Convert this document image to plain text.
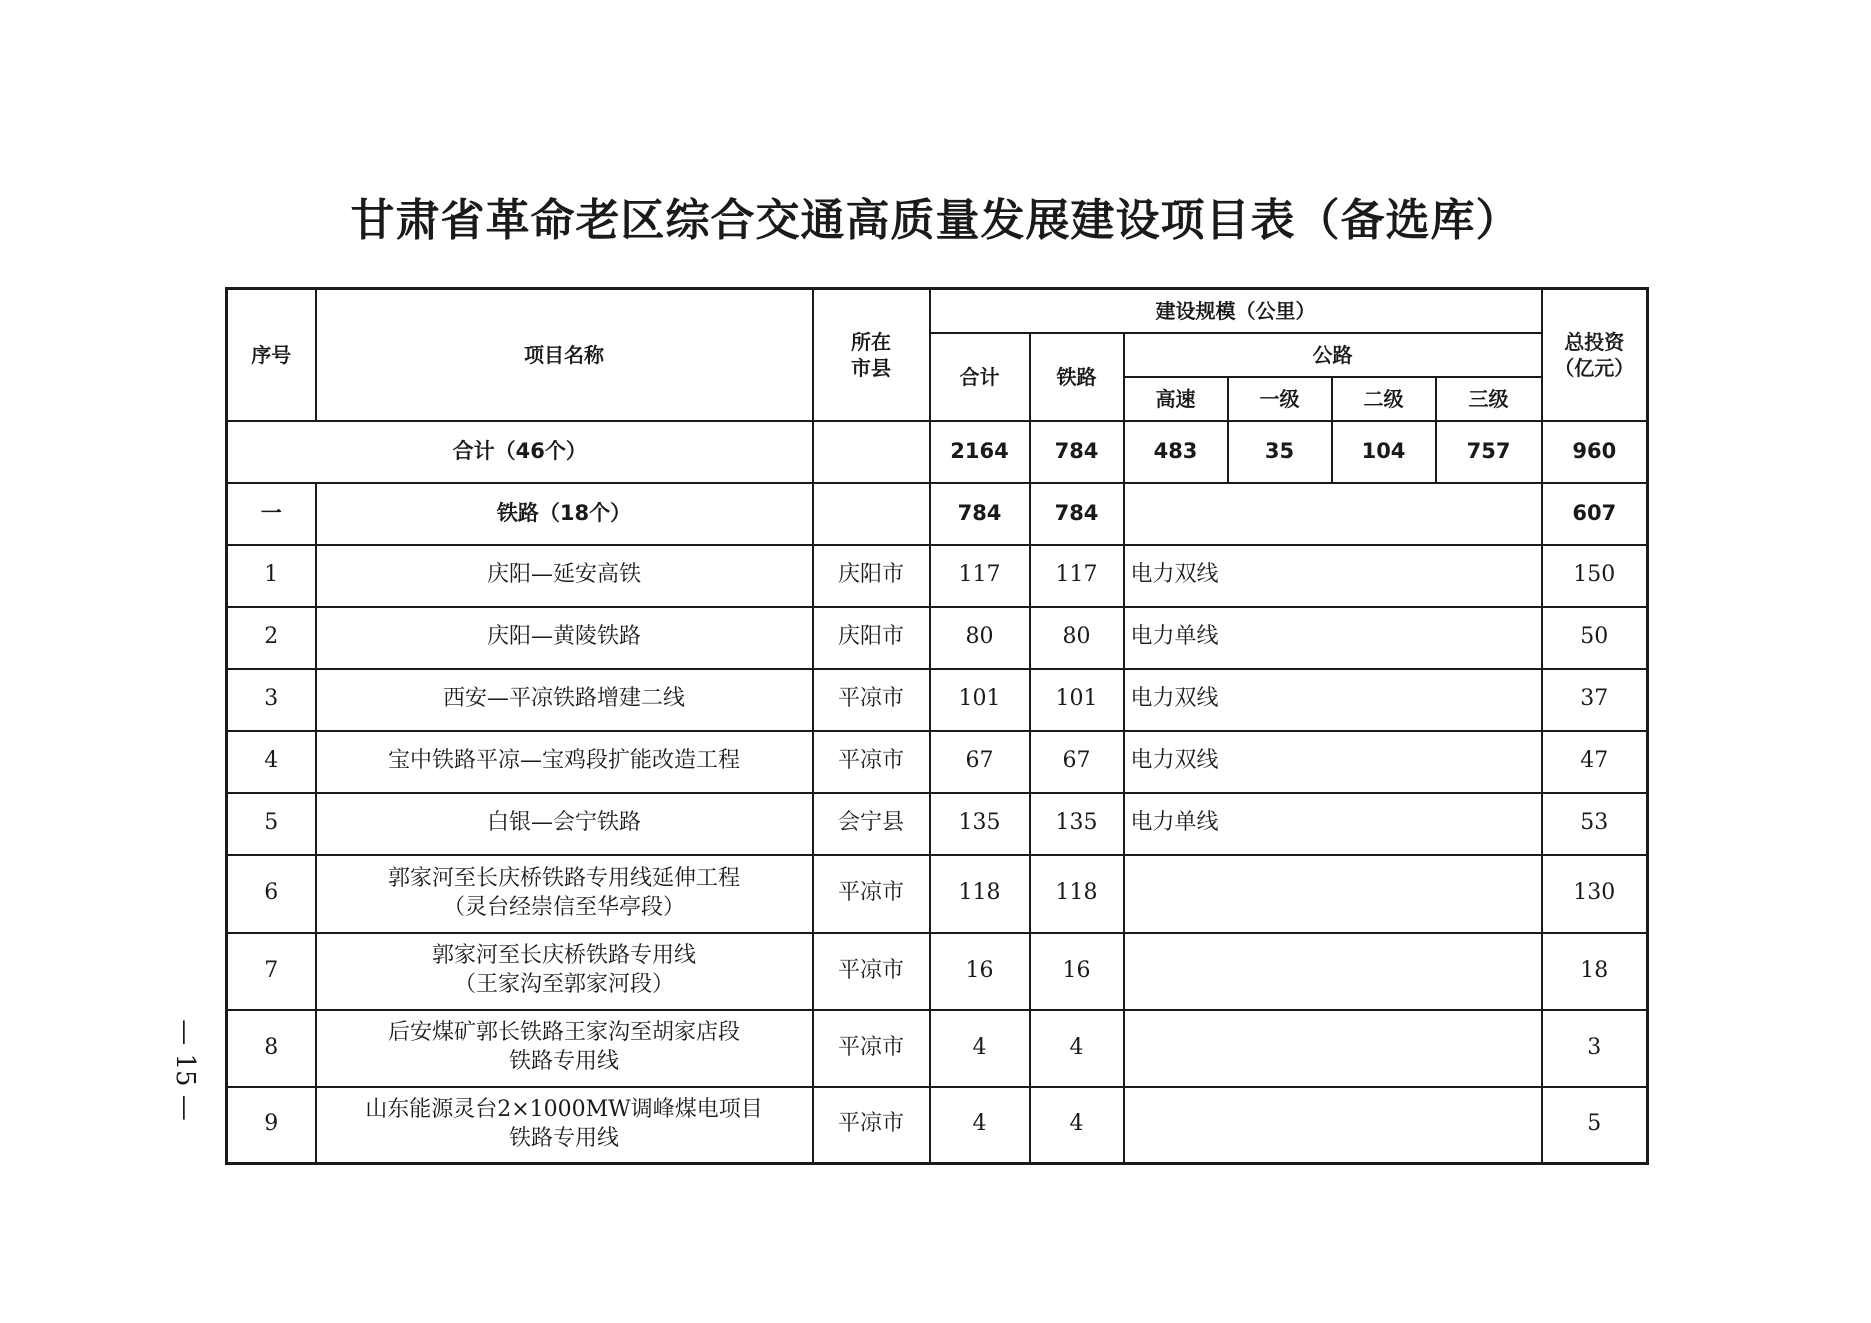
甘肃省革命老区综合交通高质量发展建设项目表（备选库）
序号	项目名称	所在市县	建设规模（公里）						总投资（亿元）
			合计	铁路	公路				
					高速	一级	二级	三级	
合计（46个）			2164	784	483	35	104	757	960
一	铁路（18个）		784	784					607
1	庆阳—延安高铁	庆阳市	117	117	电力双线				150
2	庆阳—黄陵铁路	庆阳市	80	80	电力单线				50
3	西安—平凉铁路增建二线	平凉市	101	101	电力双线				37
4	宝中铁路平凉—宝鸡段扩能改造工程	平凉市	67	67	电力双线				47
5	白银—会宁铁路	会宁县	135	135	电力单线				53
6	郭家河至长庆桥铁路专用线延伸工程
（灵台经崇信至华亭段）	平凉市	118	118					130
7	郭家河至长庆桥铁路专用线
（王家沟至郭家河段）	平凉市	16	16					18
8	后安煤矿郭长铁路王家沟至胡家店段
铁路专用线	平凉市	4	4					3
9	山东能源灵台2×1000MW调峰煤电项目
铁路专用线	平凉市	4	4					5
— 15 —
